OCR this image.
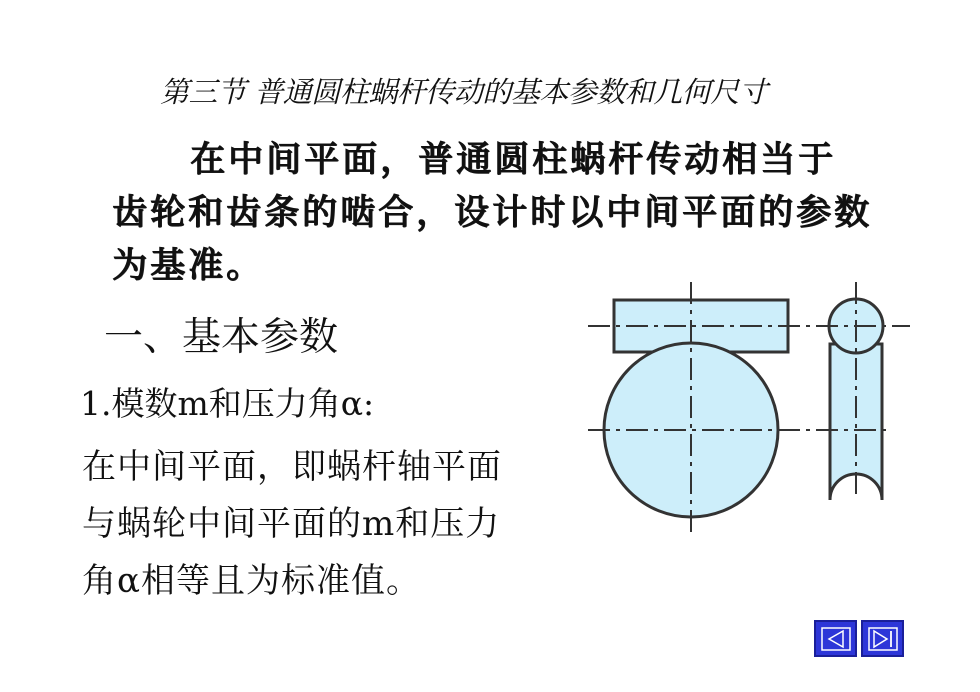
第三节 普通圆柱蜗杆传动的基本参数和几何尺寸
在中间平面，普通圆柱蜗杆传动相当于齿轮和齿条的啮合，设计时以中间平面的参数为基准。
一、基本参数
1.模数m和压力角α:
在中间平面，即蜗杆轴平面
与蜗轮中间平面的m和压力
角α相等且为标准值。
